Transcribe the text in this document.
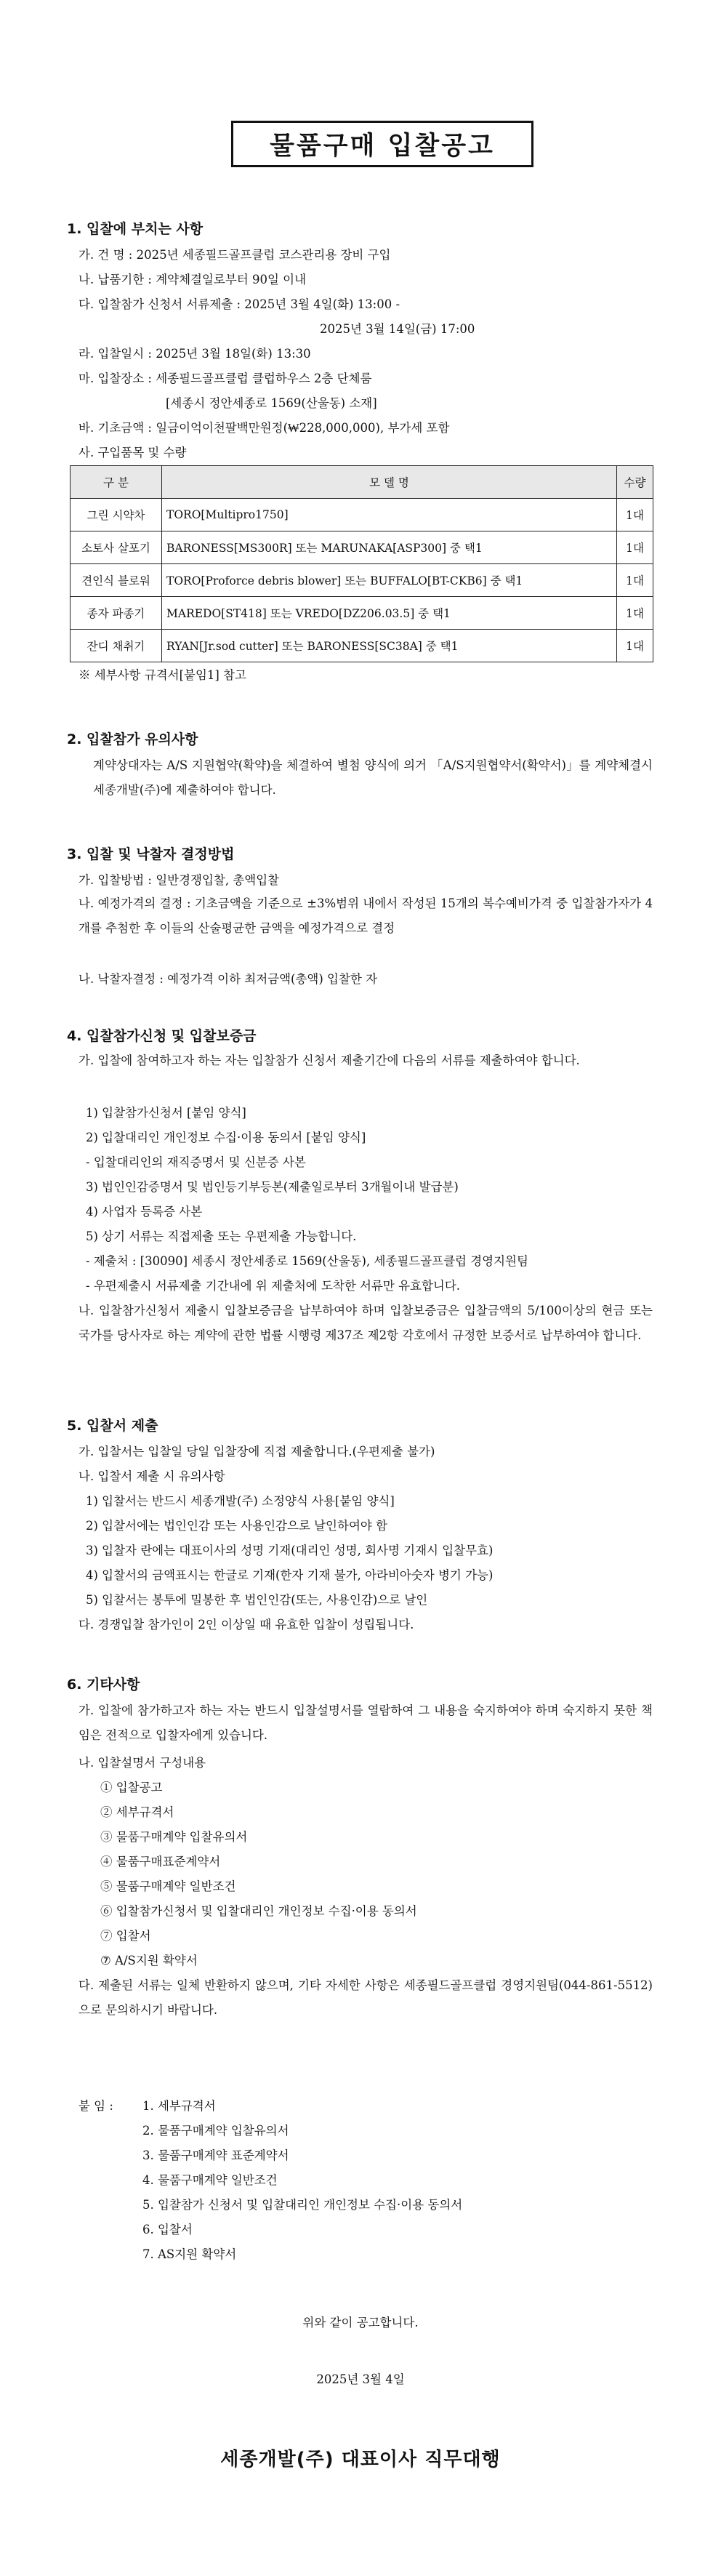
물품구매 입찰공고
1. 입찰에 부치는 사항
가. 건 명 : 2025년 세종필드골프클럽 코스관리용 장비 구입
나. 납품기한 : 계약체결일로부터 90일 이내
다. 입찰참가 신청서 서류제출 : 2025년 3월 4일(화) 13:00 -
2025년 3월 14일(금) 17:00
라. 입찰일시 : 2025년 3월 18일(화) 13:30
마. 입찰장소 : 세종필드골프클럽 클럽하우스 2층 단체룸
[세종시 정안세종로 1569(산울동) 소재]
바. 기초금액 : 일금이억이천팔백만원정(₩228,000,000), 부가세 포함
사. 구입품목 및 수량
구 분	모 델 명	수량
그린 시약차	TORO[Multipro1750]	1대
소토사 살포기	BARONESS[MS300R] 또는 MARUNAKA[ASP300] 중 택1	1대
견인식 블로워	TORO[Proforce debris blower] 또는 BUFFALO[BT-CKB6] 중 택1	1대
종자 파종기	MAREDO[ST418] 또는 VREDO[DZ206.03.5] 중 택1	1대
잔디 채취기	RYAN[Jr.sod cutter] 또는 BARONESS[SC38A] 중 택1	1대
※ 세부사항 규격서[붙임1] 참고
2. 입찰참가 유의사항
계약상대자는 A/S 지원협약(확약)을 체결하여 별첨 양식에 의거 「A/S지원협약서(확약서)」를 계약체결시 세종개발(주)에 제출하여야 합니다.
3. 입찰 및 낙찰자 결정방법
가. 입찰방법 : 일반경쟁입찰, 총액입찰
나. 예정가격의 결정 : 기초금액을 기준으로 ±3%범위 내에서 작성된 15개의 복수예비가격 중 입찰참가자가 4개를 추첨한 후 이들의 산술평균한 금액을 예정가격으로 결정
나. 낙찰자결정 : 예정가격 이하 최저금액(총액) 입찰한 자
4. 입찰참가신청 및 입찰보증금
가. 입찰에 참여하고자 하는 자는 입찰참가 신청서 제출기간에 다음의 서류를 제출하여야 합니다.
1) 입찰참가신청서 [붙임 양식]
2) 입찰대리인 개인정보 수집·이용 동의서 [붙임 양식]
- 입찰대리인의 재직증명서 및 신분증 사본
3) 법인인감증명서 및 법인등기부등본(제출일로부터 3개월이내 발급분)
4) 사업자 등록증 사본
5) 상기 서류는 직접제출 또는 우편제출 가능합니다.
- 제출처 : [30090] 세종시 정안세종로 1569(산울동), 세종필드골프클럽 경영지원팀
- 우편제출시 서류제출 기간내에 위 제출처에 도착한 서류만 유효합니다.
나. 입찰참가신청서 제출시 입찰보증금을 납부하여야 하며 입찰보증금은 입찰금액의 5/100이상의 현금 또는 국가를 당사자로 하는 계약에 관한 법률 시행령 제37조 제2항 각호에서 규정한 보증서로 납부하여야 합니다.
5. 입찰서 제출
가. 입찰서는 입찰일 당일 입찰장에 직접 제출합니다.(우편제출 불가)
나. 입찰서 제출 시 유의사항
1) 입찰서는 반드시 세종개발(주) 소정양식 사용[붙임 양식]
2) 입찰서에는 법인인감 또는 사용인감으로 날인하여야 함
3) 입찰자 란에는 대표이사의 성명 기재(대리인 성명, 회사명 기재시 입찰무효)
4) 입찰서의 금액표시는 한글로 기재(한자 기재 불가, 아라비아숫자 병기 가능)
5) 입찰서는 봉투에 밀봉한 후 법인인감(또는, 사용인감)으로 날인
다. 경쟁입찰 참가인이 2인 이상일 때 유효한 입찰이 성립됩니다.
6. 기타사항
가. 입찰에 참가하고자 하는 자는 반드시 입찰설명서를 열람하여 그 내용을 숙지하여야 하며 숙지하지 못한 책임은 전적으로 입찰자에게 있습니다.
나. 입찰설명서 구성내용
① 입찰공고
② 세부규격서
③ 물품구매계약 입찰유의서
④ 물품구매표준계약서
⑤ 물품구매계약 일반조건
⑥ 입찰참가신청서 및 입찰대리인 개인정보 수집·이용 동의서
⑦ 입찰서
⑦ A/S지원 확약서
다. 제출된 서류는 일체 반환하지 않으며, 기타 자세한 사항은 세종필드골프클럽 경영지원팀(044-861-5512)으로 문의하시기 바랍니다.
붙 임 : 1. 세부규격서
2. 물품구매계약 입찰유의서
3. 물품구매계약 표준계약서
4. 물품구매계약 일반조건
5. 입찰참가 신청서 및 입찰대리인 개인정보 수집·이용 동의서
6. 입찰서
7. AS지원 확약서
위와 같이 공고합니다.
2025년 3월 4일
세종개발(주) 대표이사 직무대행
